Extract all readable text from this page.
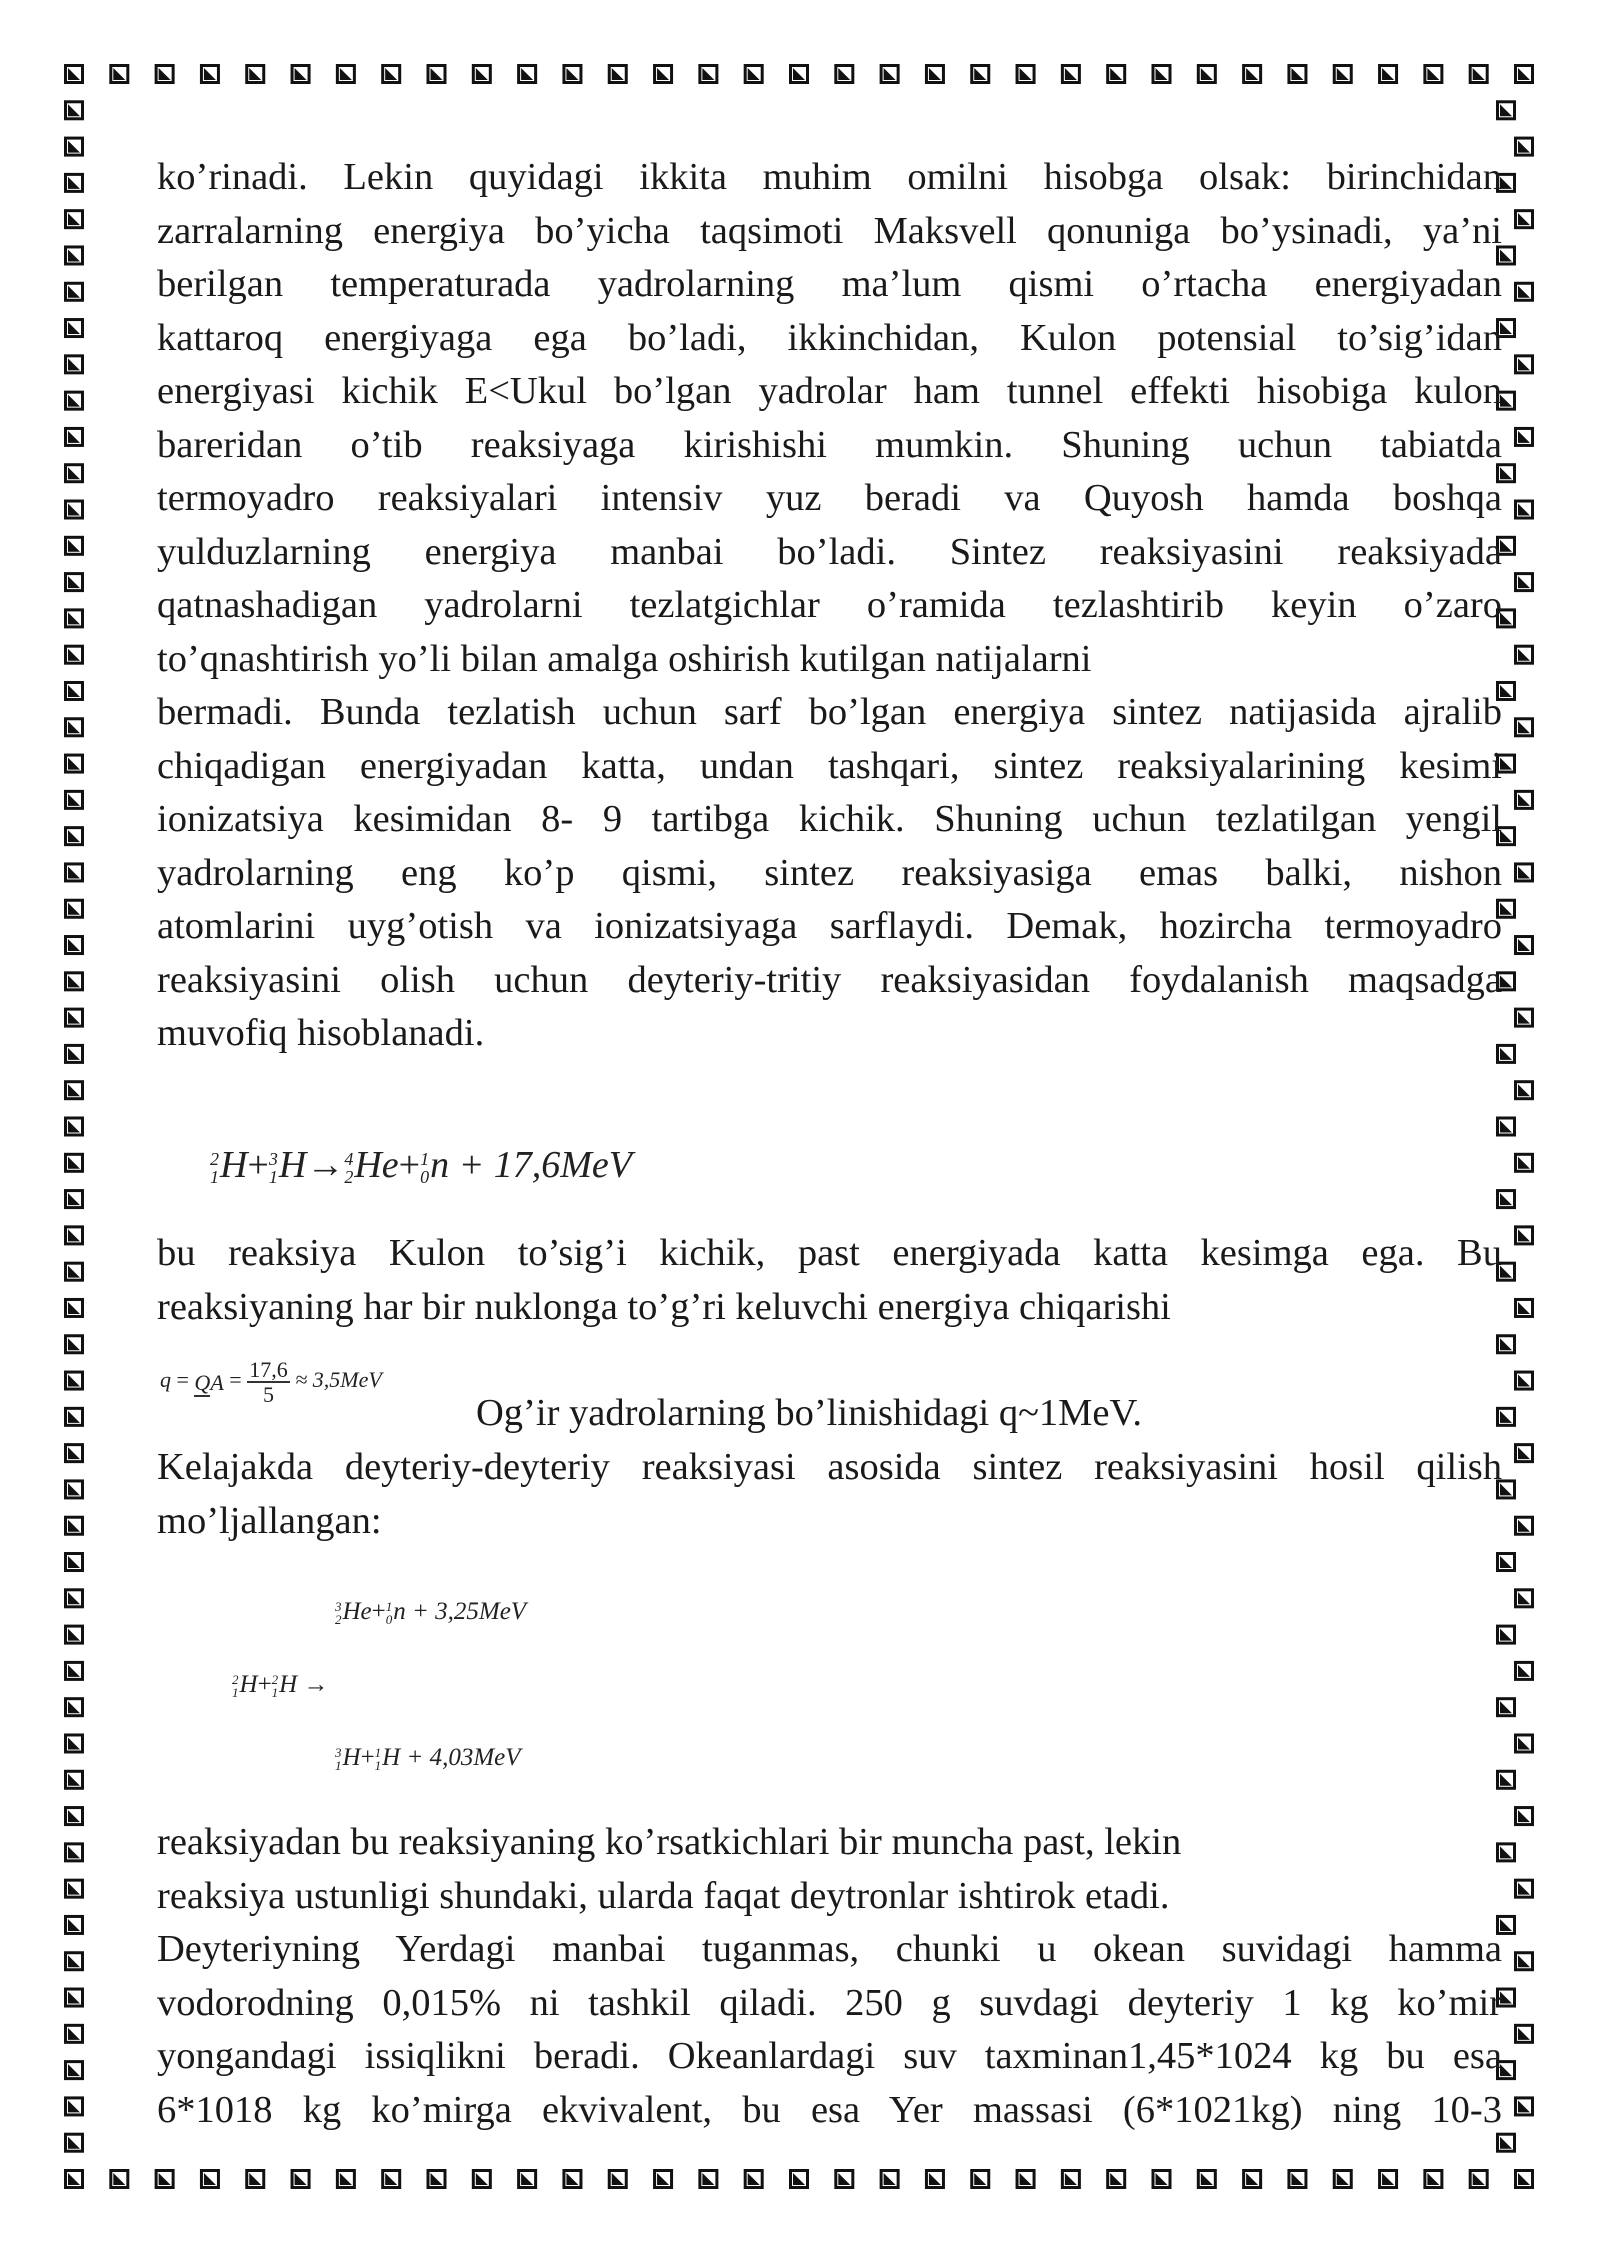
ko’rinadi. Lekin quyidagi ikkita muhim omilni hisobga olsak: birinchidan
zarralarning energiya bo’yicha taqsimoti Maksvell qonuniga bo’ysinadi, ya’ni
berilgan temperaturada yadrolarning ma’lum qismi o’rtacha energiyadan
kattaroq energiyaga ega bo’ladi, ikkinchidan, Kulon potensial to’sig’idan
energiyasi kichik E<Ukul bo’lgan yadrolar ham tunnel effekti hisobiga kulon
bareridan o’tib reaksiyaga kirishishi mumkin. Shuning uchun tabiatda
termoyadro reaksiyalari intensiv yuz beradi va Quyosh hamda boshqa
yulduzlarning energiya manbai bo’ladi. Sintez reaksiyasini reaksiyada
qatnashadigan yadrolarni tezlatgichlar o’ramida tezlashtirib keyin o’zaro
to’qnashtirish yo’li bilan amalga oshirish kutilgan natijalarni
bermadi. Bunda tezlatish uchun sarf bo’lgan energiya sintez natijasida ajralib
chiqadigan energiyadan katta, undan tashqari, sintez reaksiyalarining kesimi
ionizatsiya kesimidan 8- 9 tartibga kichik. Shuning uchun tezlatilgan yengil
yadrolarning eng ko’p qismi, sintez reaksiyasiga emas balki, nishon
atomlarini uyg’otish va ionizatsiyaga sarflaydi. Demak, hozircha termoyadro
reaksiyasini olish uchun deyteriy-tritiy reaksiyasidan foydalanish maqsadga
muvofiq hisoblanadi.
2
1 H+ 3
1 H→ 4
2 He+ 1
0 n + 17,6MeV
bu reaksiya Kulon to’sig’i kichik, past energiyada katta kesimga ega. Bu
reaksiyaning har bir nuklonga to’g’ri keluvchi energiya chiqarishi
q = QA = $\frac{17,6}{5} \approx 3,5MeV$
Og’ir yadrolarning bo’linishidagi q~1MeV.
Kelajakda deyteriy-deyteriy reaksiyasi asosida sintez reaksiyasini hosil qilish
mo’ljallangan:
3
2 He+ 1
0 n + 3,25MeV
2
1 H+ 2
1 H →
3
1 H+ 1
1 H + 4,03MeV
reaksiyadan bu reaksiyaning ko’rsatkichlari bir muncha past, lekin
reaksiya ustunligi shundaki, ularda faqat deytronlar ishtirok etadi.
Deyteriyning Yerdagi manbai tuganmas, chunki u okean suvidagi hamma
vodorodning 0,015% ni tashkil qiladi. 250 g suvdagi deyteriy 1 kg ko’mir
yongandagi issiqlikni beradi. Okeanlardagi suv taxminan1,45*1024 kg bu esa
6*1018 kg ko’mirga ekvivalent, bu esa Yer massasi (6*1021kg) ning 10-3
